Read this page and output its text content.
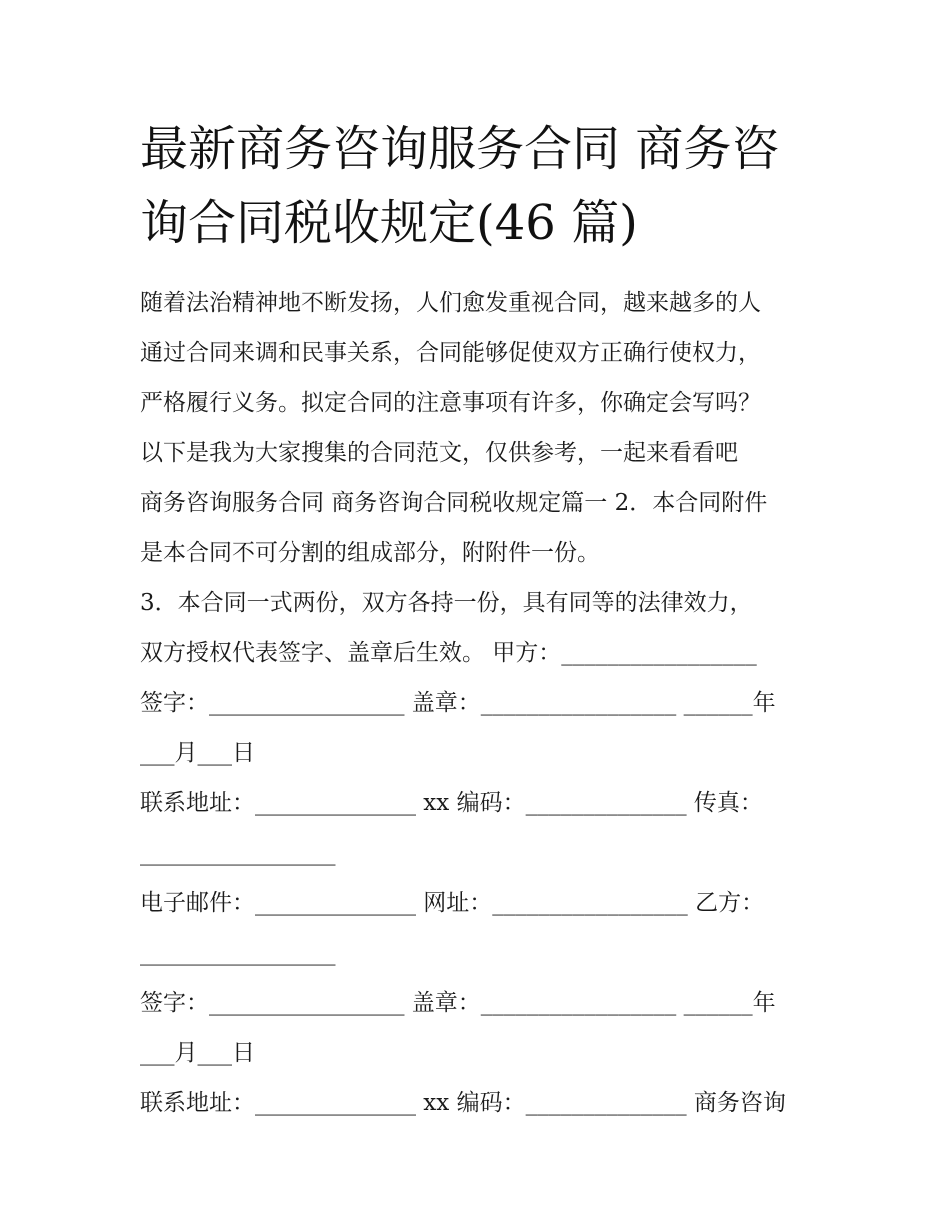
最新商务咨询服务合同 商务咨
询合同税收规定(46 篇)
随着法治精神地不断发扬，人们愈发重视合同，越来越多的人
通过合同来调和民事关系，合同能够促使双方正确行使权力，
严格履行义务。拟定合同的注意事项有许多，你确定会写吗？
以下是我为大家搜集的合同范文，仅供参考，一起来看看吧
商务咨询服务合同 商务咨询合同税收规定篇一 2．本合同附件
是本合同不可分割的组成部分，附附件一份。
3．本合同一式两份，双方各持一份，具有同等的法律效力，
双方授权代表签字、盖章后生效。 甲方：_________________
签字：_________________ 盖章：_________________ ______年
___月___日
联系地址：______________ xx 编码：______________ 传真：
_________________
电子邮件：______________ 网址：_________________ 乙方：
_________________
签字：_________________ 盖章：_________________ ______年
___月___日
联系地址：______________ xx 编码：______________ 商务咨询
